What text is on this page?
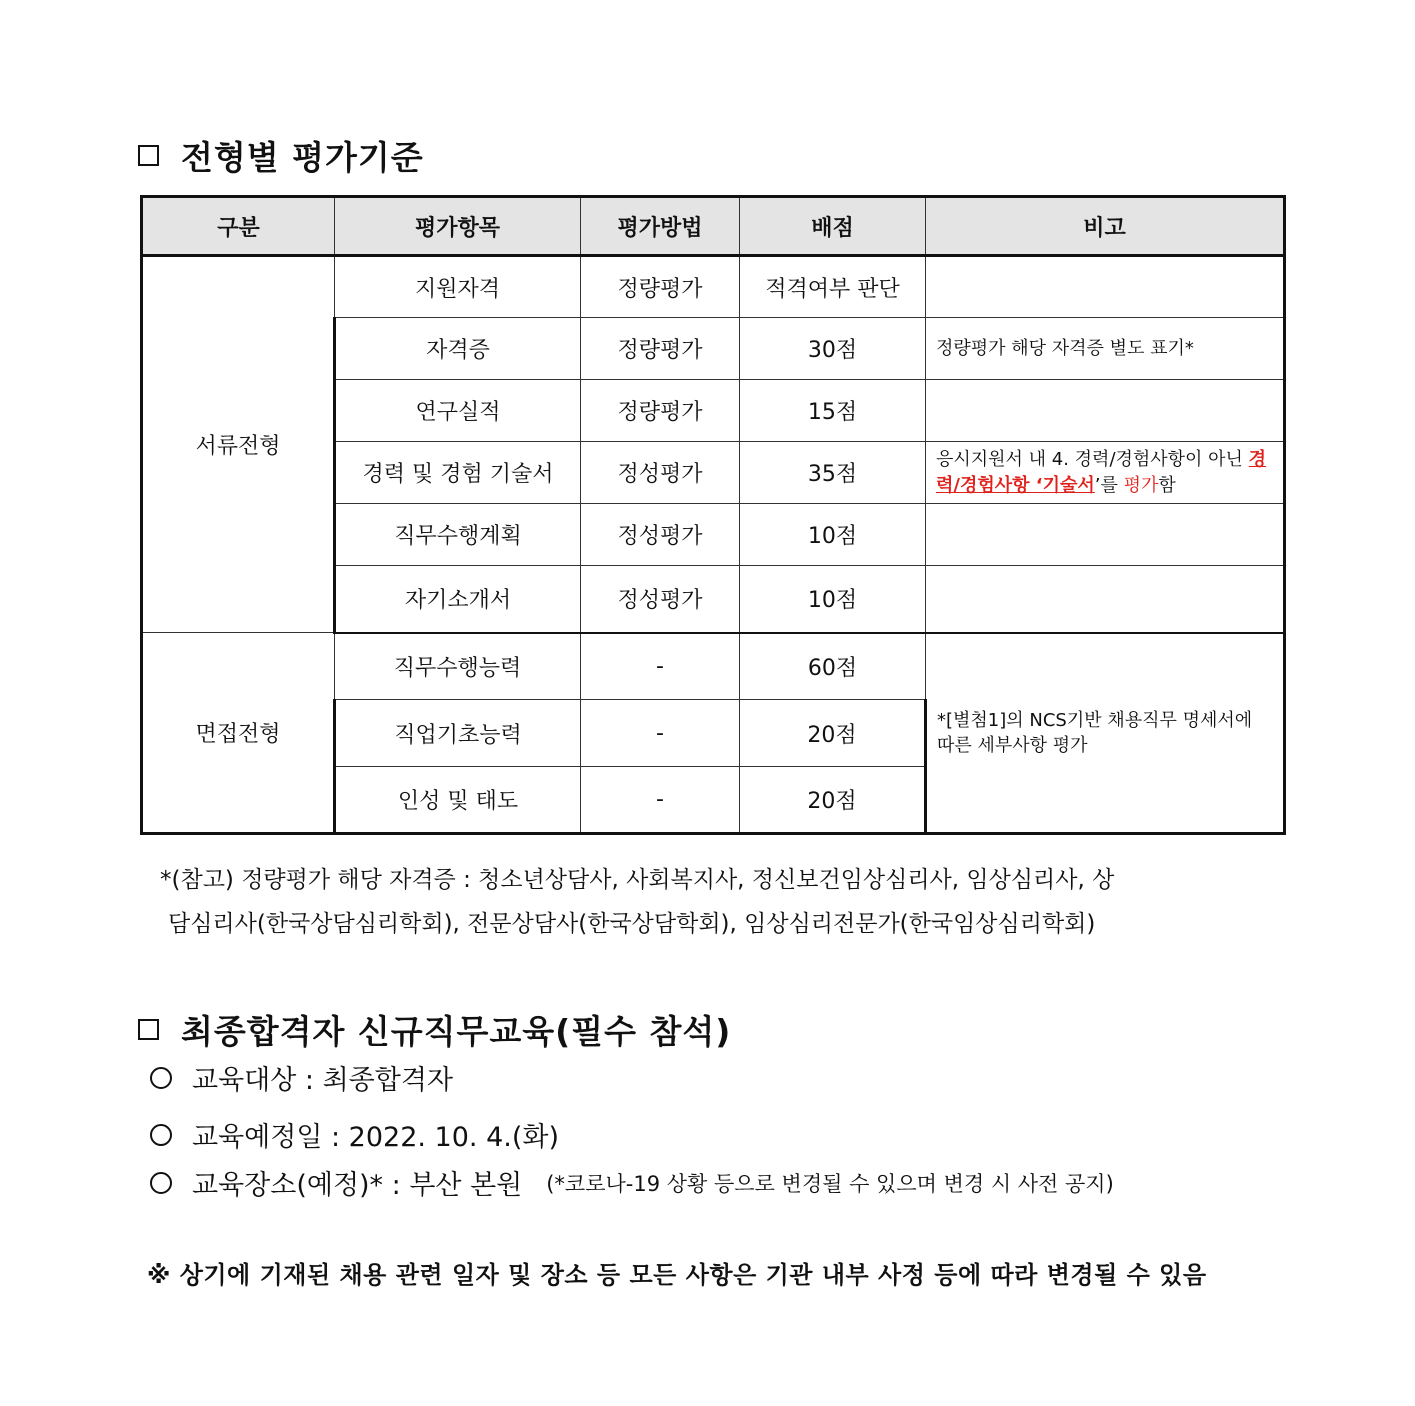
전형별 평가기준
구분	평가항목	평가방법	배점	비고
서류전형	지원자격	정량평가	적격여부 판단	
	자격증	정량평가	30점	정량평가 해당 자격증 별도 표기*
	연구실적	정량평가	15점	
	경력 및 경험 기술서	정성평가	35점	응시지원서 내 4. 경력/경험사항이 아닌 경력/경험사항 ‘기술서’를 평가함
	직무수행계획	정성평가	10점	
	자기소개서	정성평가	10점	
면접전형	직무수행능력	-	60점	*[별첨1]의 NCS기반 채용직무 명세서에 따른 세부사항 평가
	직업기초능력	-	20점	
	인성 및 태도	-	20점	
*(참고) 정량평가 해당 자격증 : 청소년상담사, 사회복지사, 정신보건임상심리사, 임상심리사, 상
담심리사(한국상담심리학회), 전문상담사(한국상담학회), 임상심리전문가(한국임상심리학회)
최종합격자 신규직무교육(필수 참석)
교육대상 : 최종합격자
교육예정일 : 2022. 10. 4.(화)
교육장소(예정)* : 부산 본원 (*코로나-19 상황 등으로 변경될 수 있으며 변경 시 사전 공지)
※ 상기에 기재된 채용 관련 일자 및 장소 등 모든 사항은 기관 내부 사정 등에 따라 변경될 수 있음
